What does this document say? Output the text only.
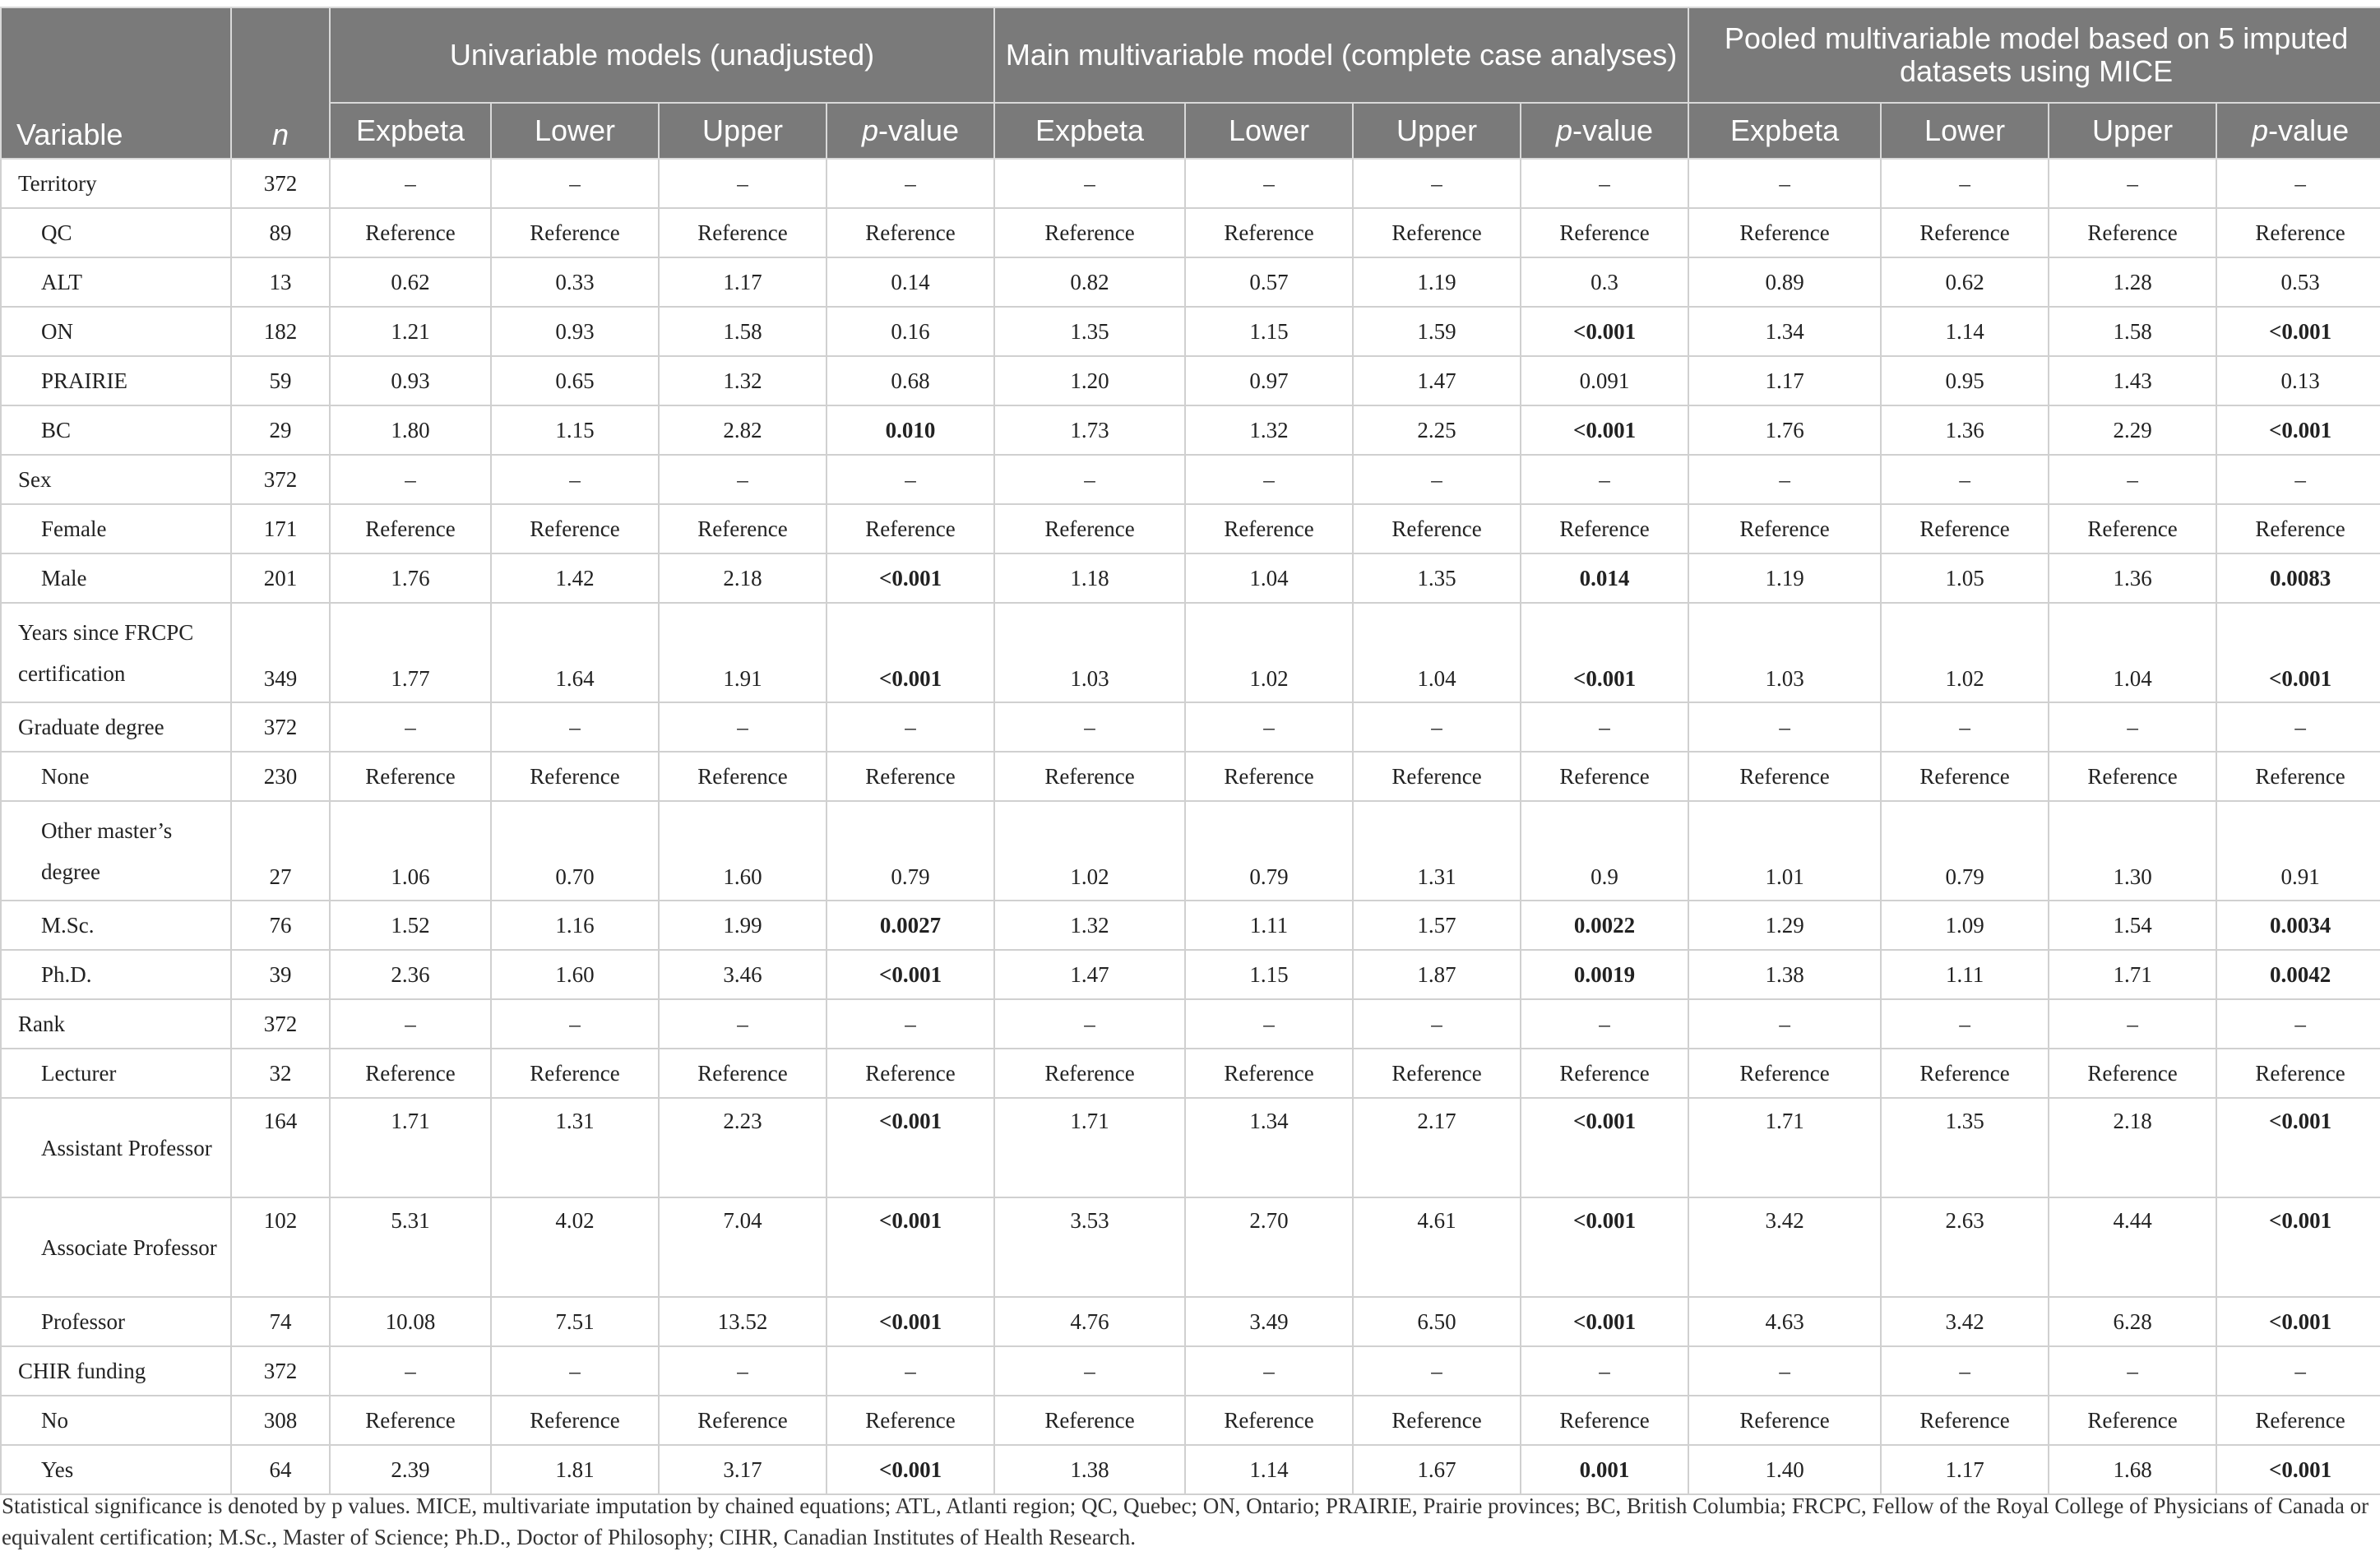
Variable	n	Univariable models (unadjusted)				Main multivariable model (complete case analyses)				Pooled multivariable model based on 5 imputed datasets using MICE			
		Expbeta	Lower	Upper	p-value	Expbeta	Lower	Upper	p-value	Expbeta	Lower	Upper	p-value
Territory	372	–	–	–	–	–	–	–	–	–	–	–	–
QC	89	Reference	Reference	Reference	Reference	Reference	Reference	Reference	Reference	Reference	Reference	Reference	Reference
ALT	13	0.62	0.33	1.17	0.14	0.82	0.57	1.19	0.3	0.89	0.62	1.28	0.53
ON	182	1.21	0.93	1.58	0.16	1.35	1.15	1.59	<0.001	1.34	1.14	1.58	<0.001
PRAIRIE	59	0.93	0.65	1.32	0.68	1.20	0.97	1.47	0.091	1.17	0.95	1.43	0.13
BC	29	1.80	1.15	2.82	0.010	1.73	1.32	2.25	<0.001	1.76	1.36	2.29	<0.001
Sex	372	–	–	–	–	–	–	–	–	–	–	–	–
Female	171	Reference	Reference	Reference	Reference	Reference	Reference	Reference	Reference	Reference	Reference	Reference	Reference
Male	201	1.76	1.42	2.18	<0.001	1.18	1.04	1.35	0.014	1.19	1.05	1.36	0.0083
Years since FRCPC certification	349	1.77	1.64	1.91	<0.001	1.03	1.02	1.04	<0.001	1.03	1.02	1.04	<0.001
Graduate degree	372	–	–	–	–	–	–	–	–	–	–	–	–
None	230	Reference	Reference	Reference	Reference	Reference	Reference	Reference	Reference	Reference	Reference	Reference	Reference
Other master’s degree	27	1.06	0.70	1.60	0.79	1.02	0.79	1.31	0.9	1.01	0.79	1.30	0.91
M.Sc.	76	1.52	1.16	1.99	0.0027	1.32	1.11	1.57	0.0022	1.29	1.09	1.54	0.0034
Ph.D.	39	2.36	1.60	3.46	<0.001	1.47	1.15	1.87	0.0019	1.38	1.11	1.71	0.0042
Rank	372	–	–	–	–	–	–	–	–	–	–	–	–
Lecturer	32	Reference	Reference	Reference	Reference	Reference	Reference	Reference	Reference	Reference	Reference	Reference	Reference
Assistant Professor	164	1.71	1.31	2.23	<0.001	1.71	1.34	2.17	<0.001	1.71	1.35	2.18	<0.001
Associate Professor	102	5.31	4.02	7.04	<0.001	3.53	2.70	4.61	<0.001	3.42	2.63	4.44	<0.001
Professor	74	10.08	7.51	13.52	<0.001	4.76	3.49	6.50	<0.001	4.63	3.42	6.28	<0.001
CHIR funding	372	–	–	–	–	–	–	–	–	–	–	–	–
No	308	Reference	Reference	Reference	Reference	Reference	Reference	Reference	Reference	Reference	Reference	Reference	Reference
Yes	64	2.39	1.81	3.17	<0.001	1.38	1.14	1.67	0.001	1.40	1.17	1.68	<0.001
Statistical significance is denoted by p values. MICE, multivariate imputation by chained equations; ATL, Atlanti region; QC, Quebec; ON, Ontario; PRAIRIE, Prairie provinces; BC, British Columbia; FRCPC, Fellow of the Royal College of Physicians of Canada or equivalent certification; M.Sc., Master of Science; Ph.D., Doctor of Philosophy; CIHR, Canadian Institutes of Health Research.
